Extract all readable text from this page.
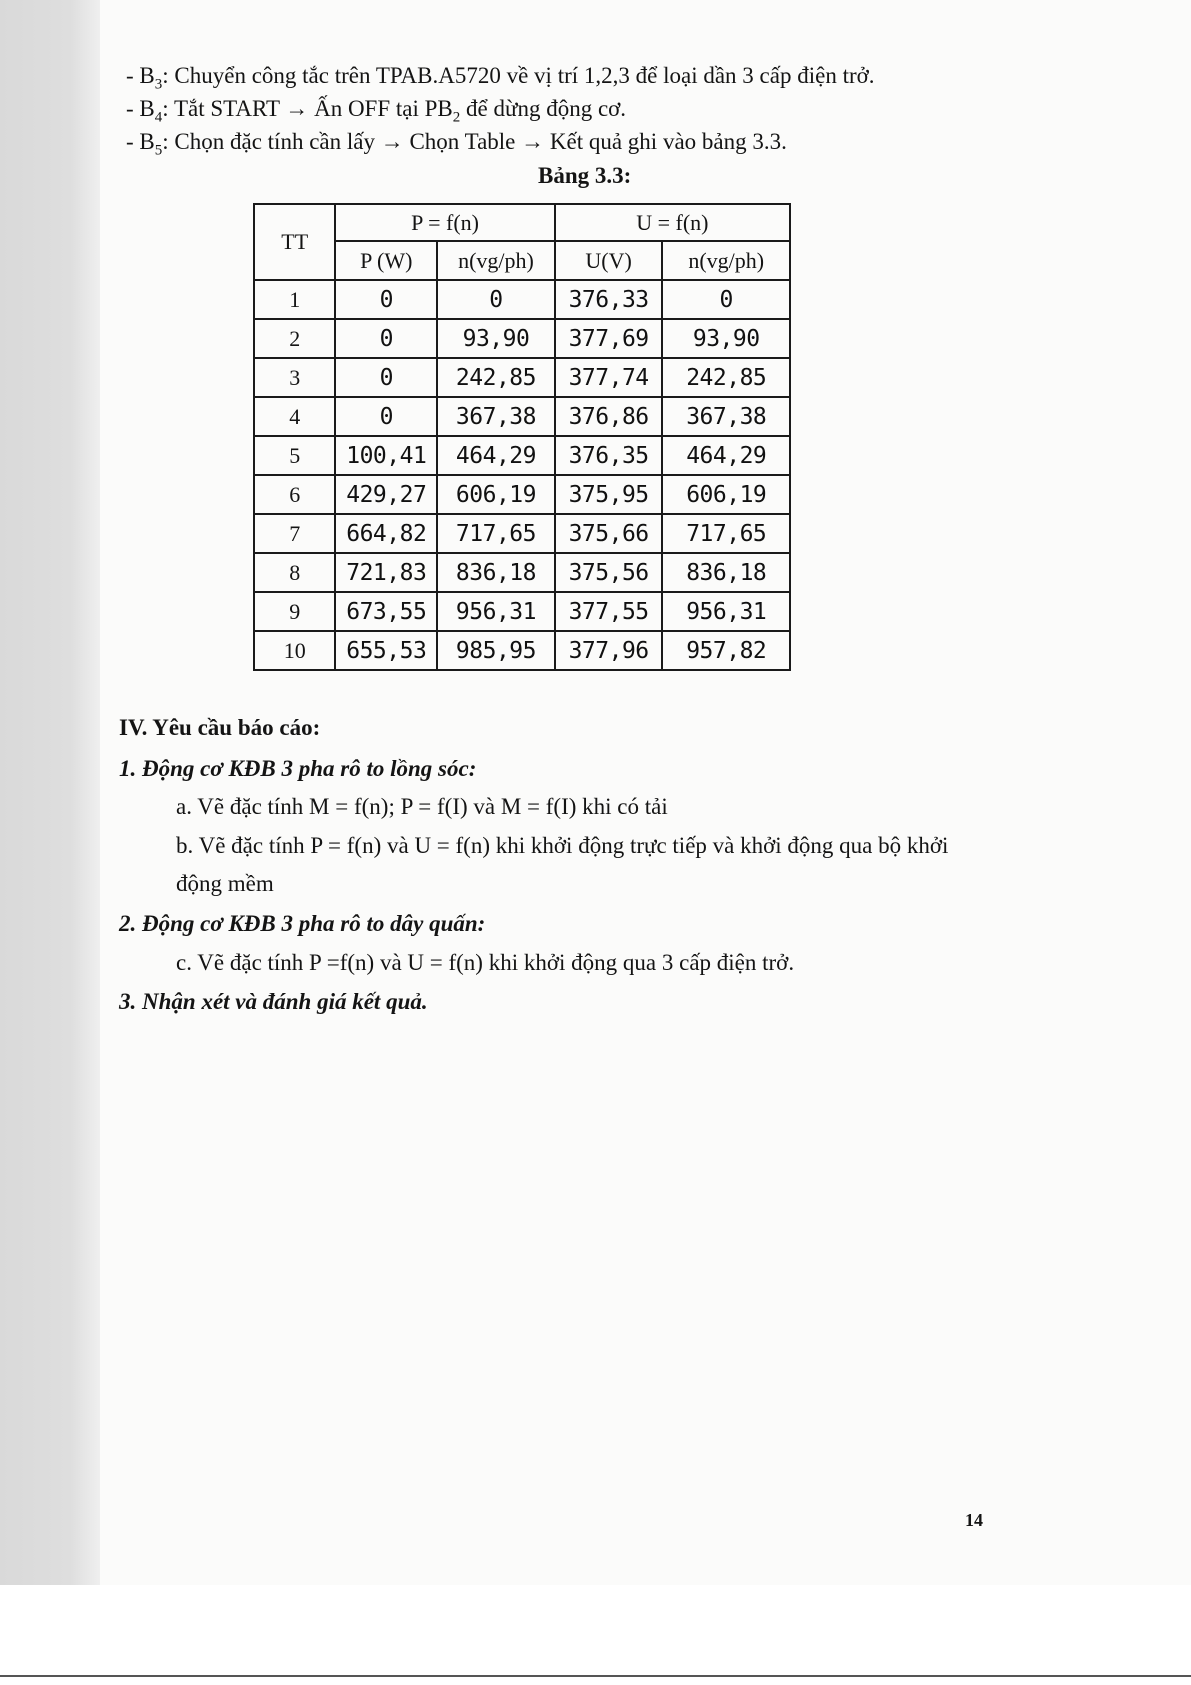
- $B_3$: Chuyển công tắc trên TPAB.A5720 về vị trí 1,2,3 để loại dần 3 cấp điện trở.
- $B_4$: Tắt START → Ấn OFF tại $PB_2$ để dừng động cơ.
- $B_5$: Chọn đặc tính cần lấy → Chọn Table → Kết quả ghi vào bảng 3.3.
Bảng 3.3:
TT	P = f(n)		U = f(n)	
	P (W)	n(vg/ph)	U(V)	n(vg/ph)
1	0	0	376,33	0
2	0	93,90	377,69	93,90
3	0	242,85	377,74	242,85
4	0	367,38	376,86	367,38
5	100,41	464,29	376,35	464,29
6	429,27	606,19	375,95	606,19
7	664,82	717,65	375,66	717,65
8	721,83	836,18	375,56	836,18
9	673,55	956,31	377,55	956,31
10	655,53	985,95	377,96	957,82
IV. Yêu cầu báo cáo:
1. Động cơ KĐB 3 pha rô to lồng sóc:
a. Vẽ đặc tính M = f(n); P = f(I) và M = f(I) khi có tải
b. Vẽ đặc tính P = f(n) và U = f(n) khi khởi động trực tiếp và khởi động qua bộ khởi
động mềm
2. Động cơ KĐB 3 pha rô to dây quấn:
c. Vẽ đặc tính P =f(n) và U = f(n) khi khởi động qua 3 cấp điện trở.
3. Nhận xét và đánh giá kết quả.
14
